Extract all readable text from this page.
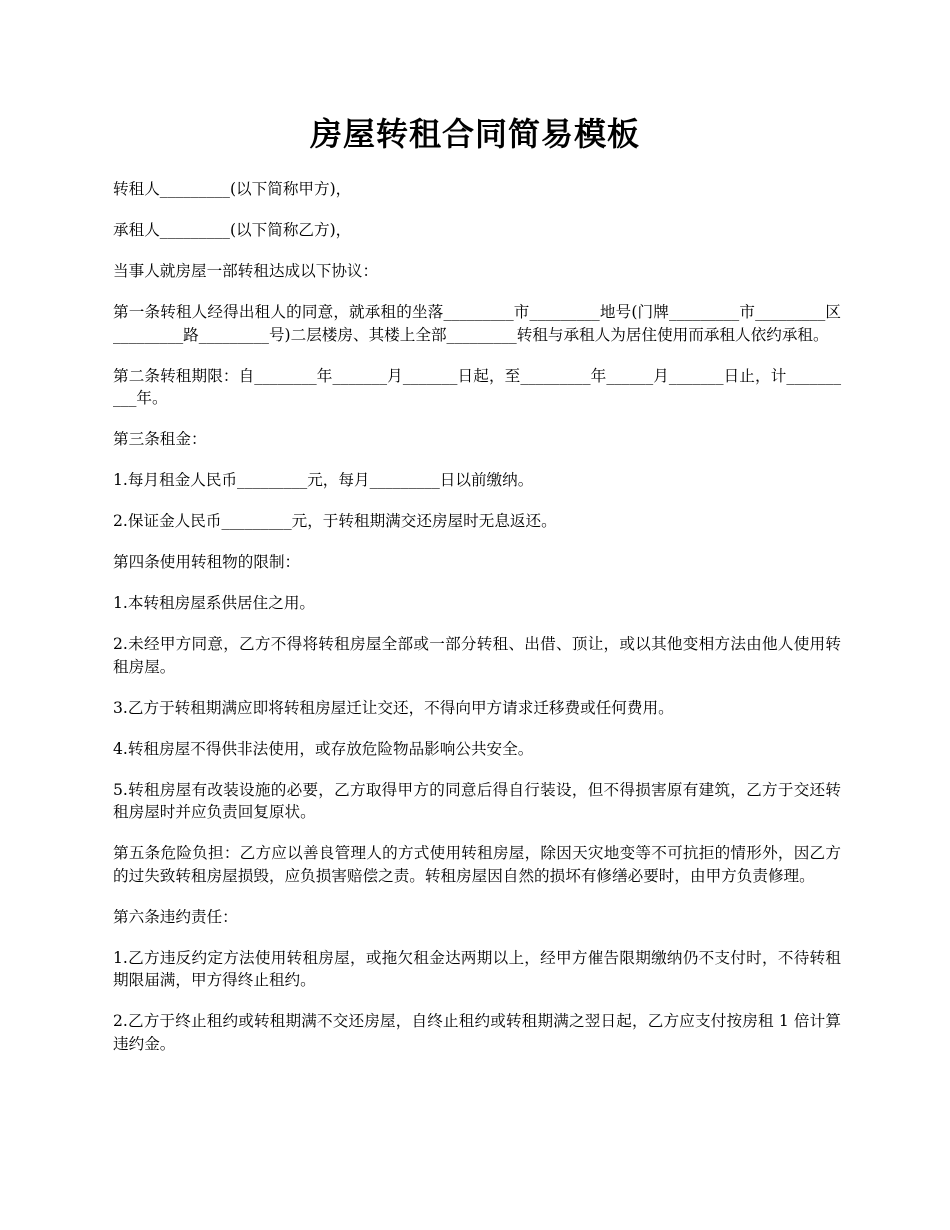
房屋转租合同简易模板

转租人_________(以下简称甲方)，

承租人_________(以下简称乙方)，

当事人就房屋一部转租达成以下协议：

第一条转租人经得出租人的同意，就承租的坐落_________市_________地号(门牌_________市_________区_________路_________号)二层楼房、其楼上全部_________转租与承租人为居住使用而承租人依约承租。

第二条转租期限：自________年_______月_______日起，至_________年______月_______日止，计__________年。

第三条租金：

1.每月租金人民币_________元，每月_________日以前缴纳。

2.保证金人民币_________元，于转租期满交还房屋时无息返还。

第四条使用转租物的限制：

1.本转租房屋系供居住之用。

2.未经甲方同意，乙方不得将转租房屋全部或一部分转租、出借、顶让，或以其他变相方法由他人使用转租房屋。

3.乙方于转租期满应即将转租房屋迁让交还，不得向甲方请求迁移费或任何费用。

4.转租房屋不得供非法使用，或存放危险物品影响公共安全。

5.转租房屋有改装设施的必要，乙方取得甲方的同意后得自行装设，但不得损害原有建筑，乙方于交还转租房屋时并应负责回复原状。

第五条危险负担：乙方应以善良管理人的方式使用转租房屋，除因天灾地变等不可抗拒的情形外，因乙方的过失致转租房屋损毁，应负损害赔偿之责。转租房屋因自然的损坏有修缮必要时，由甲方负责修理。

第六条违约责任：

1.乙方违反约定方法使用转租房屋，或拖欠租金达两期以上，经甲方催告限期缴纳仍不支付时，不待转租期限届满，甲方得终止租约。

2.乙方于终止租约或转租期满不交还房屋，自终止租约或转租期满之翌日起，乙方应支付按房租 1 倍计算违约金。
